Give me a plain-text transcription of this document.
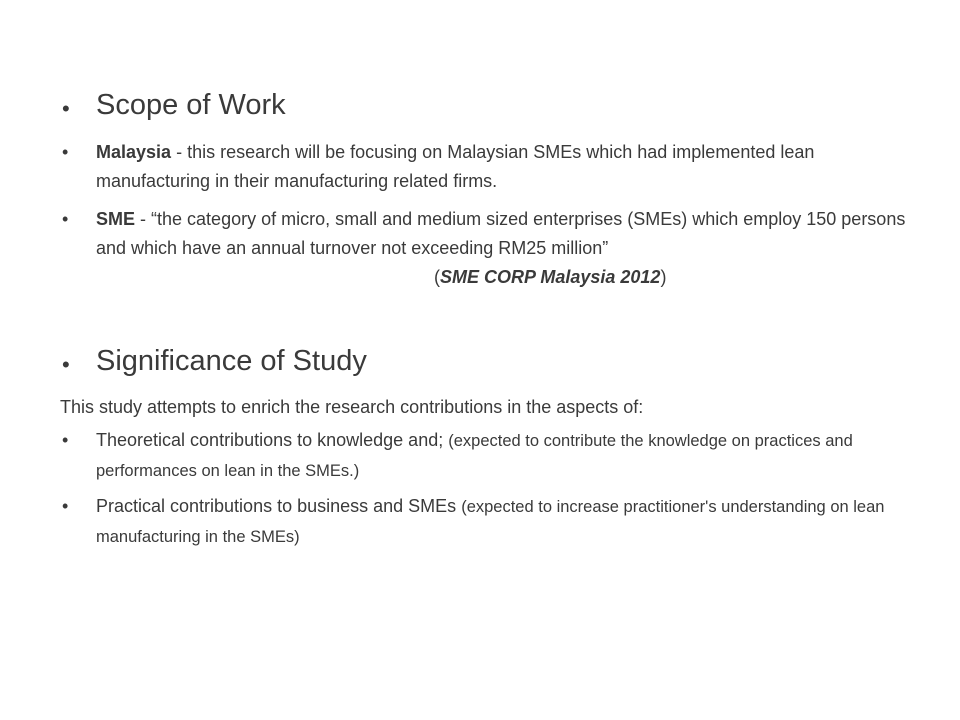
• Scope of Work
• Malaysia - this research will be focusing on Malaysian SMEs which had implemented lean manufacturing in their manufacturing related firms.
• SME - “the category of micro, small and medium sized enterprises (SMEs) which employ 150 persons and which have an annual turnover not exceeding RM25 million”(SME CORP Malaysia 2012)
• Significance of Study
This study attempts to enrich the research contributions in the aspects of:
• Theoretical contributions to knowledge and; (expected to contribute the knowledge on practices and performances on lean in the SMEs.)
• Practical contributions to business and SMEs (expected to increase practitioner's understanding on lean manufacturing in the SMEs)
